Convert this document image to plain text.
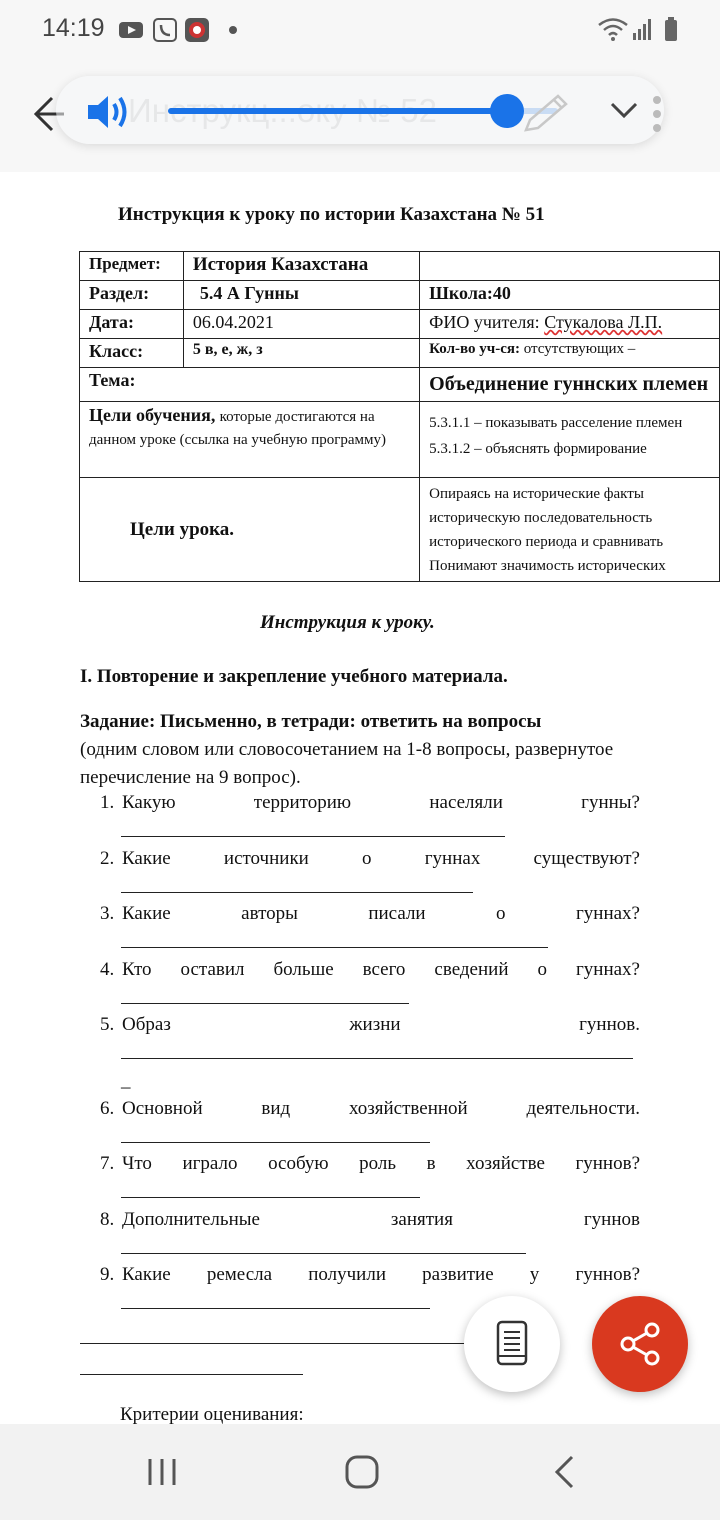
14:19
Инструкция к уроку по истории Казахстана № 51
Предмет:	История Казахстана	
Раздел:	5.4 А Гунны	Школа:40
Дата:	06.04.2021	ФИО учителя: Стукалова Л.П.
Класс:	5 в, е, ж, з	Кол-во уч-ся: отсутствующих –
Тема:		Объединение гуннских племен
Цели обучения, которые достигаются на данном уроке (ссылка на учебную программу)		5.3.1.1 – показывать расселение племен
5.3.1.2 – объяснять формирование

Цели урока.		Опираясь на исторические факты
историческую последовательность
исторического периода и сравнивать
Понимают значимость исторических
Инструкция к уроку.
I. Повторение и закрепление учебного материала.
Задание: Письменно, в тетради: ответить на вопросы
(одним словом или словосочетанием на 1-8 вопросы, развернутое перечисление на 9 вопрос).
1. Какую территорию населяли гунны?
2. Какие источники о гуннах существуют?
3. Какие авторы писали о гуннах?
4. Кто оставил больше всего сведений о гуннах?
5. Образ жизни гуннов.
_
6. Основной вид хозяйственной деятельности.
7. Что играло особую роль в хозяйстве гуннов?
8. Дополнительные занятия гуннов
9. Какие ремесла получили развитие у гуннов?
Критерии оценивания:
